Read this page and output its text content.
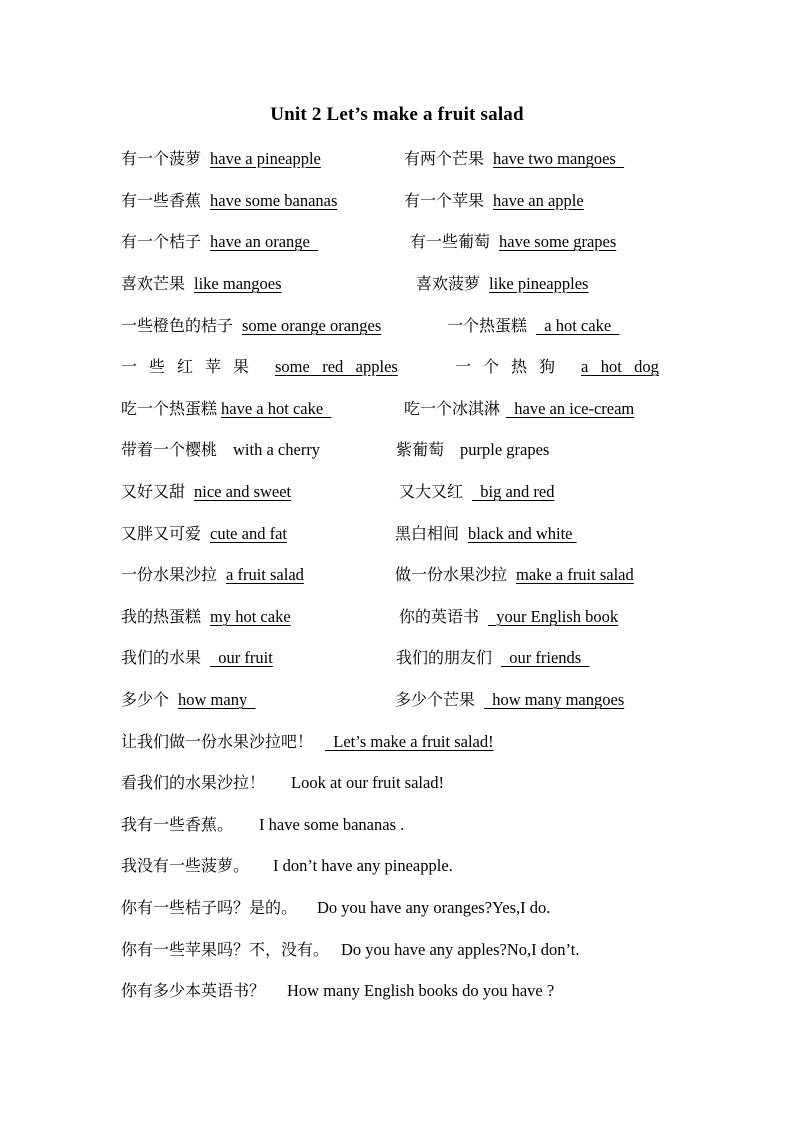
Unit 2 Let’s make a fruit salad
有一个菠萝 have a pineapple	有两个芒果 have two mangoes
有一些香蕉 have some bananas	有一个苹果 have an apple
有一个桔子 have an orange	有一些葡萄 have some grapes
喜欢芒果 like mangoes	喜欢菠萝 like pineapples
一些橙色的桔子 some orange oranges	一个热蛋糕  a hot cake
一些红苹果 some   red   apples	一个热狗 a   hot   dog
吃一个热蛋糕 have a hot cake	吃一个冰淇淋  have an ice-cream
带着一个樱桃 with a cherry	紫葡萄 purple grapes
又好又甜 nice and sweet	又大又红  big and red
又胖又可爱 cute and fat	黑白相间 black and white
一份水果沙拉 a fruit salad	做一份水果沙拉 make a fruit salad
我的热蛋糕 my hot cake	你的英语书  your English book
我们的水果  our fruit	我们的朋友们  our friends
多少个 how many	多少个芒果  how many mangoes
让我们做一份水果沙拉吧！  Let’s make a fruit salad!
看我们的水果沙拉！ Look at our fruit salad!
我有一些香蕉。 I have some bananas .
我没有一些菠萝。 I don’t have any pineapple.
你有一些桔子吗？是的。 Do you have any oranges?Yes,I do.
你有一些苹果吗？不，没有。 Do you have any apples?No,I don’t.
你有多少本英语书？ How many English books do you have ?
